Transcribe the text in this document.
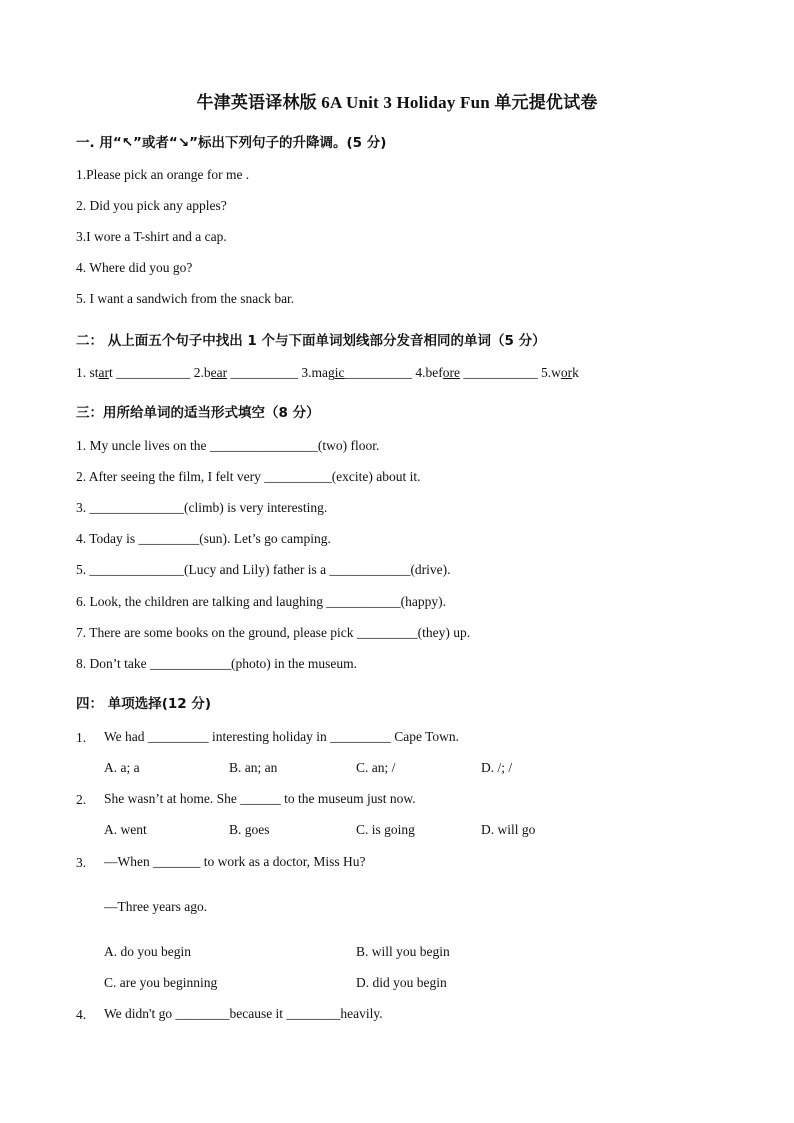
牛津英语译林版 6A Unit 3 Holiday Fun 单元提优试卷
一. 用“↖”或者“↘”标出下列句子的升降调。(5 分)
1.Please pick an orange for me .
2. Did you pick any apples?
3.I wore a T-shirt and a cap.
4. Where did you go?
5. I want a sandwich from the snack bar.
二： 从上面五个句子中找出 1 个与下面单词划线部分发音相同的单词（5 分）
1. start ___________ 2.bear __________ 3.magic__________ 4.before ___________ 5.work
三：用所给单词的适当形式填空（8 分）
1. My uncle lives on the ________________(two) floor.
2. After seeing the film, I felt very __________(excite) about it.
3. ______________(climb) is very interesting.
4. Today is _________(sun). Let’s go camping.
5. ______________(Lucy and Lily) father is a ____________(drive).
6. Look, the children are talking and laughing ___________(happy).
7. There are some books on the ground, please pick _________(they) up.
8. Don’t take ____________(photo) in the museum.
四： 单项选择(12 分)
1.	We had _________ interesting holiday in _________ Cape Town.
A. a; a	B. an; an	C. an; /	D. /; /
2.	She wasn’t at home. She ______ to the museum just now.
A. went	B. goes	C. is going	D. will go
3.	—When _______ to work as a doctor, Miss Hu?
—Three years ago.
A. do you begin	B. will you begin
C. are you beginning	D. did you begin
4.	We didn't go ________because it ________heavily.
